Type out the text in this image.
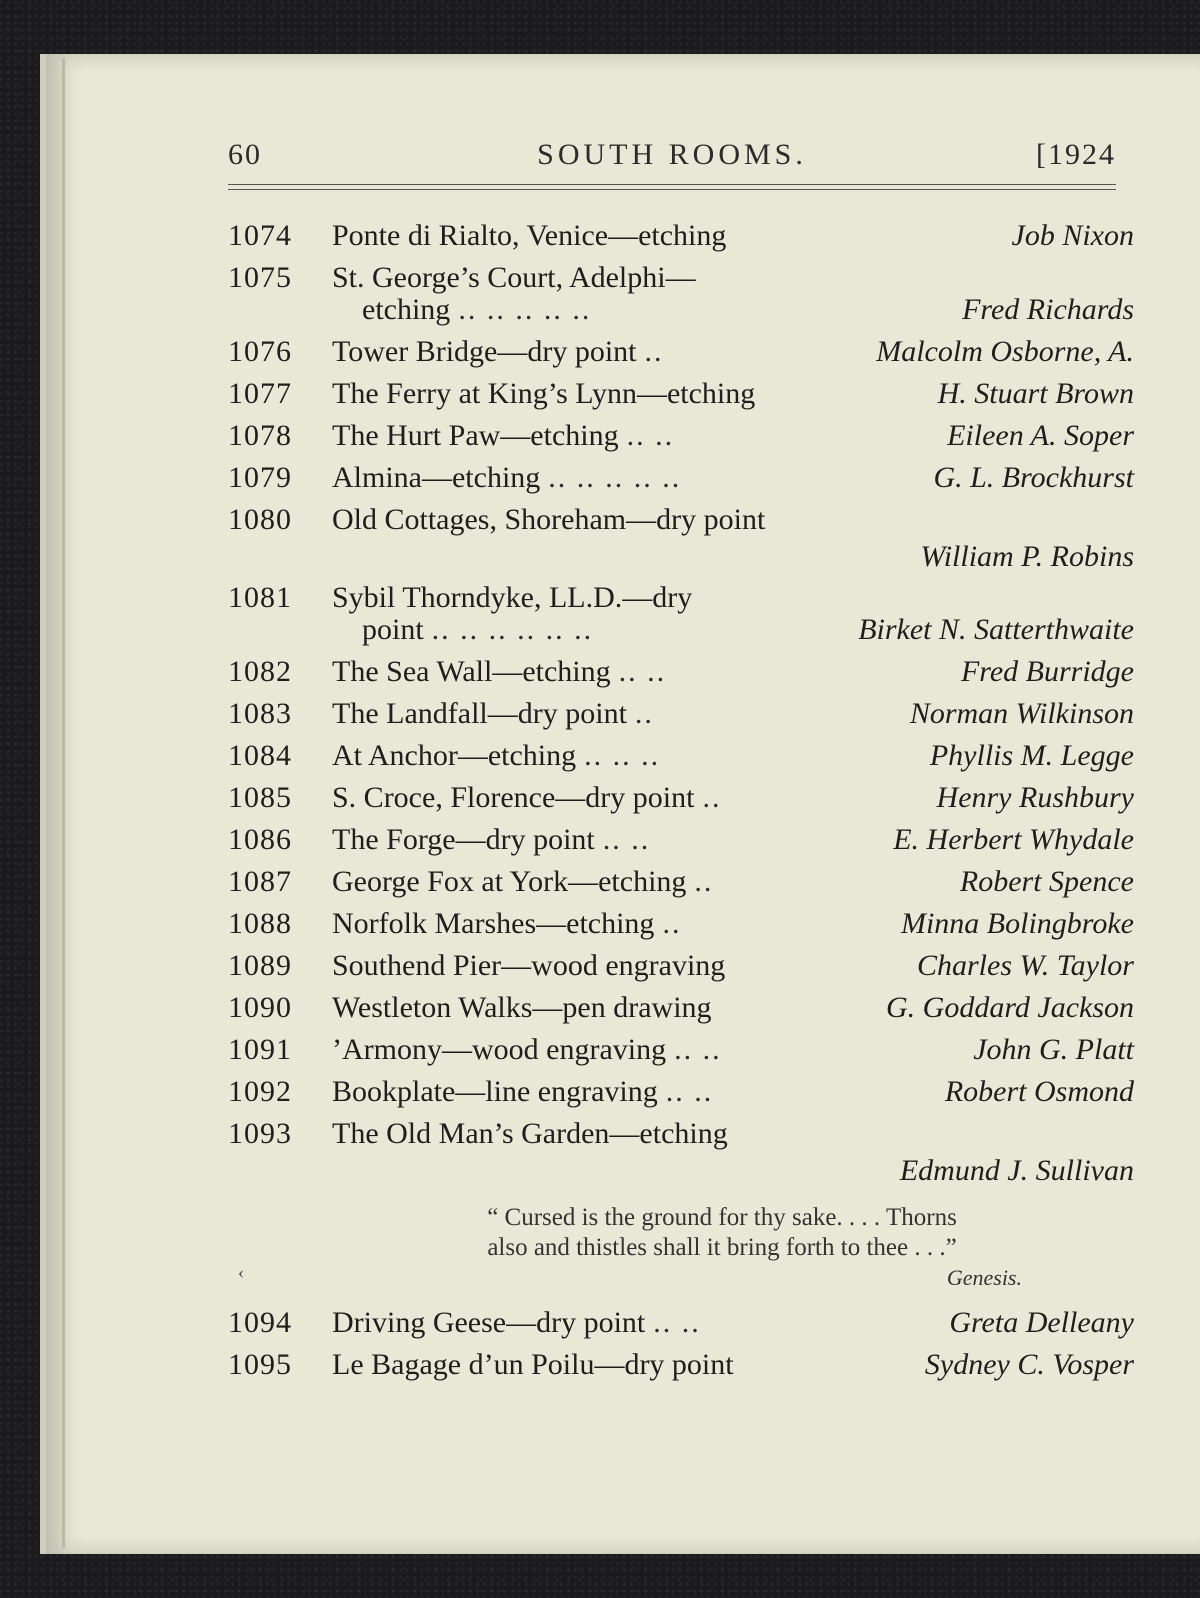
60	SOUTH ROOMS.	[1924
1074	Ponte di Rialto, Venice—etching	Job Nixon
1075	St. George’s Court, Adelphi—
etching .. .. .. .. ..	Fred Richards
1076	Tower Bridge—dry point ..	Malcolm Osborne, A.
1077	The Ferry at King’s Lynn—etching	H. Stuart Brown
1078	The Hurt Paw—etching .. ..	Eileen A. Soper
1079	Almina—etching .. .. .. .. ..	G. L. Brockhurst
1080	Old Cottages, Shoreham—dry point
William P. Robins
1081	Sybil Thorndyke, LL.D.—dry
point .. .. .. .. .. ..	Birket N. Satterthwaite
1082	The Sea Wall—etching .. ..	Fred Burridge
1083	The Landfall—dry point ..	Norman Wilkinson
1084	At Anchor—etching .. .. ..	Phyllis M. Legge
1085	S. Croce, Florence—dry point ..	Henry Rushbury
1086	The Forge—dry point .. ..	E. Herbert Whydale
1087	George Fox at York—etching ..	Robert Spence
1088	Norfolk Marshes—etching ..	Minna Bolingbroke
1089	Southend Pier—wood engraving	Charles W. Taylor
1090	Westleton Walks—pen drawing	G. Goddard Jackson
1091	’Armony—wood engraving .. ..	John G. Platt
1092	Bookplate—line engraving .. ..	Robert Osmond
1093	The Old Man’s Garden—etching
Edmund J. Sullivan
“ Cursed is the ground for thy sake. . . . Thorns
also and thistles shall it bring forth to thee . . .”
Genesis.
‹
1094	Driving Geese—dry point .. ..	Greta Delleany
1095	Le Bagage d’un Poilu—dry point	Sydney C. Vosper
